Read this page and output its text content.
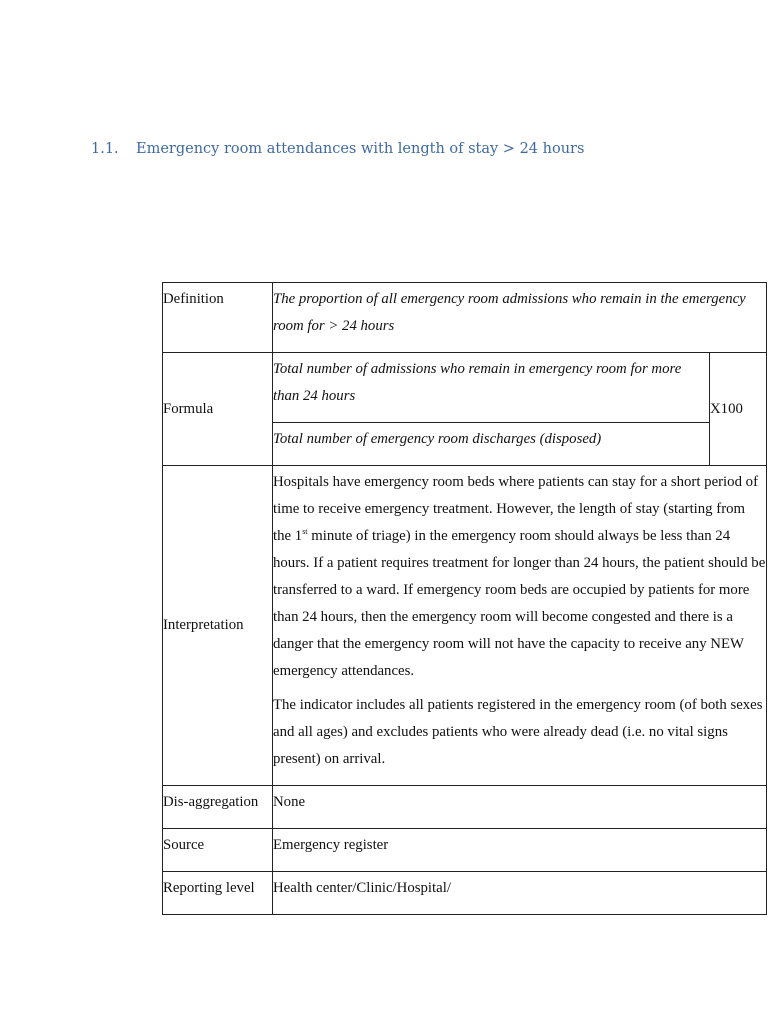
1.1. Emergency room attendances with length of stay > 24 hours
Definition	The proportion of all emergency room admissions who remain in the emergency room for > 24 hours	

Formula	Total number of admissions who remain in emergency room for more than 24 hours	X100

	Total number of emergency room discharges (disposed)	

Interpretation	Hospitals have emergency room beds where patients can stay for a short period of time to receive emergency treatment. However, the length of stay (starting from the 1st minute of triage) in the emergency room should always be less than 24 hours. If a patient requires treatment for longer than 24 hours, the patient should be transferred to a ward. If emergency room beds are occupied by patients for more than 24 hours, then the emergency room will become congested and there is a danger that the emergency room will not have the capacity to receive any NEW emergency attendances.

The indicator includes all patients registered in the emergency room (of both sexes and all ages) and excludes patients who were already dead (i.e. no vital signs present) on arrival.	

Dis-aggregation	None	

Source	Emergency register	

Reporting level	Health center/Clinic/Hospital/	
